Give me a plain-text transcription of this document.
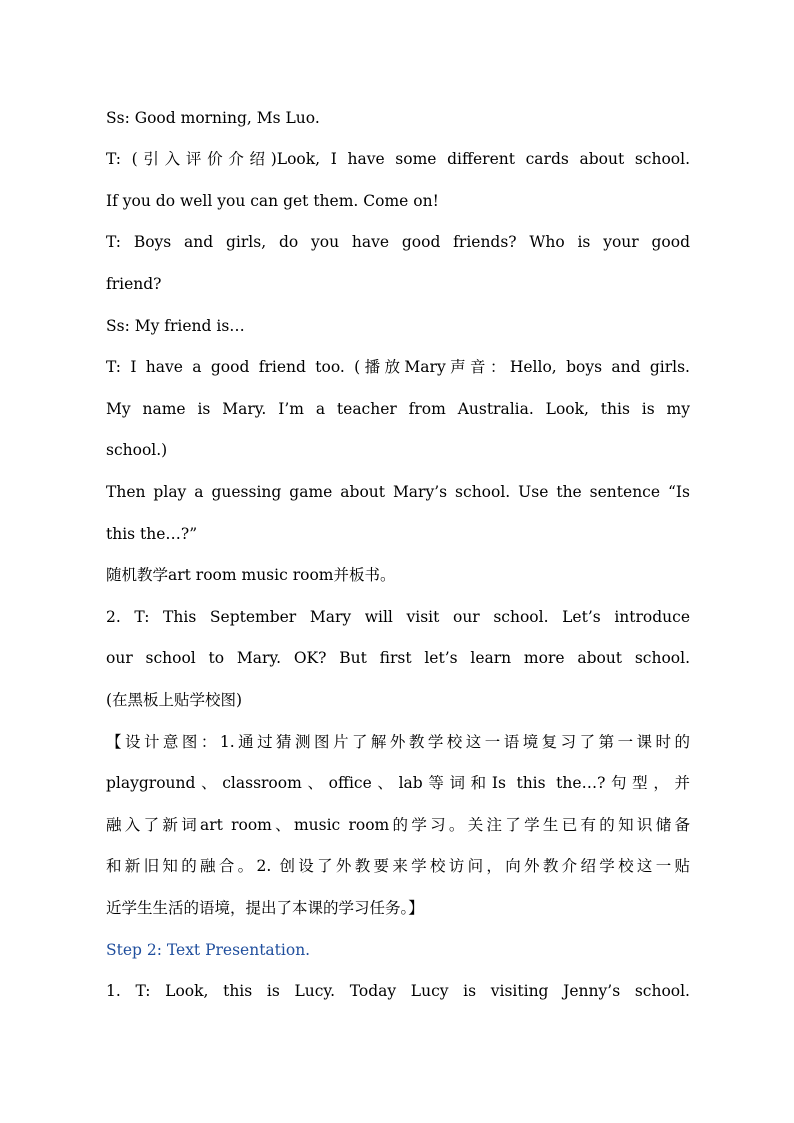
Ss: Good morning, Ms Luo.
T: (引入评价介绍)Look, I have some different cards about school.
If you do well you can get them. Come on!
T: Boys and girls, do you have good friends? Who is your good
friend?
Ss: My friend is…
T: I have a good friend too. (播放Mary声音：Hello, boys and girls.
My name is Mary. I’m a teacher from Australia. Look, this is my
school.)
Then play a guessing game about Mary’s school. Use the sentence “Is
this the…?”
随机教学art room music room并板书。
2. T: This September Mary will visit our school. Let’s introduce
our school to Mary. OK? But first let’s learn more about school.
(在黑板上贴学校图)
【设计意图：1.通过猜测图片了解外教学校这一语境复习了第一课时的
playground、classroom、office、lab等词和Is this the…?句型，并
融入了新词art room、music room的学习。关注了学生已有的知识储备
和新旧知的融合。2. 创设了外教要来学校访问，向外教介绍学校这一贴
近学生生活的语境，提出了本课的学习任务。】
Step 2: Text Presentation.
1. T: Look, this is Lucy. Today Lucy is visiting Jenny’s school.
